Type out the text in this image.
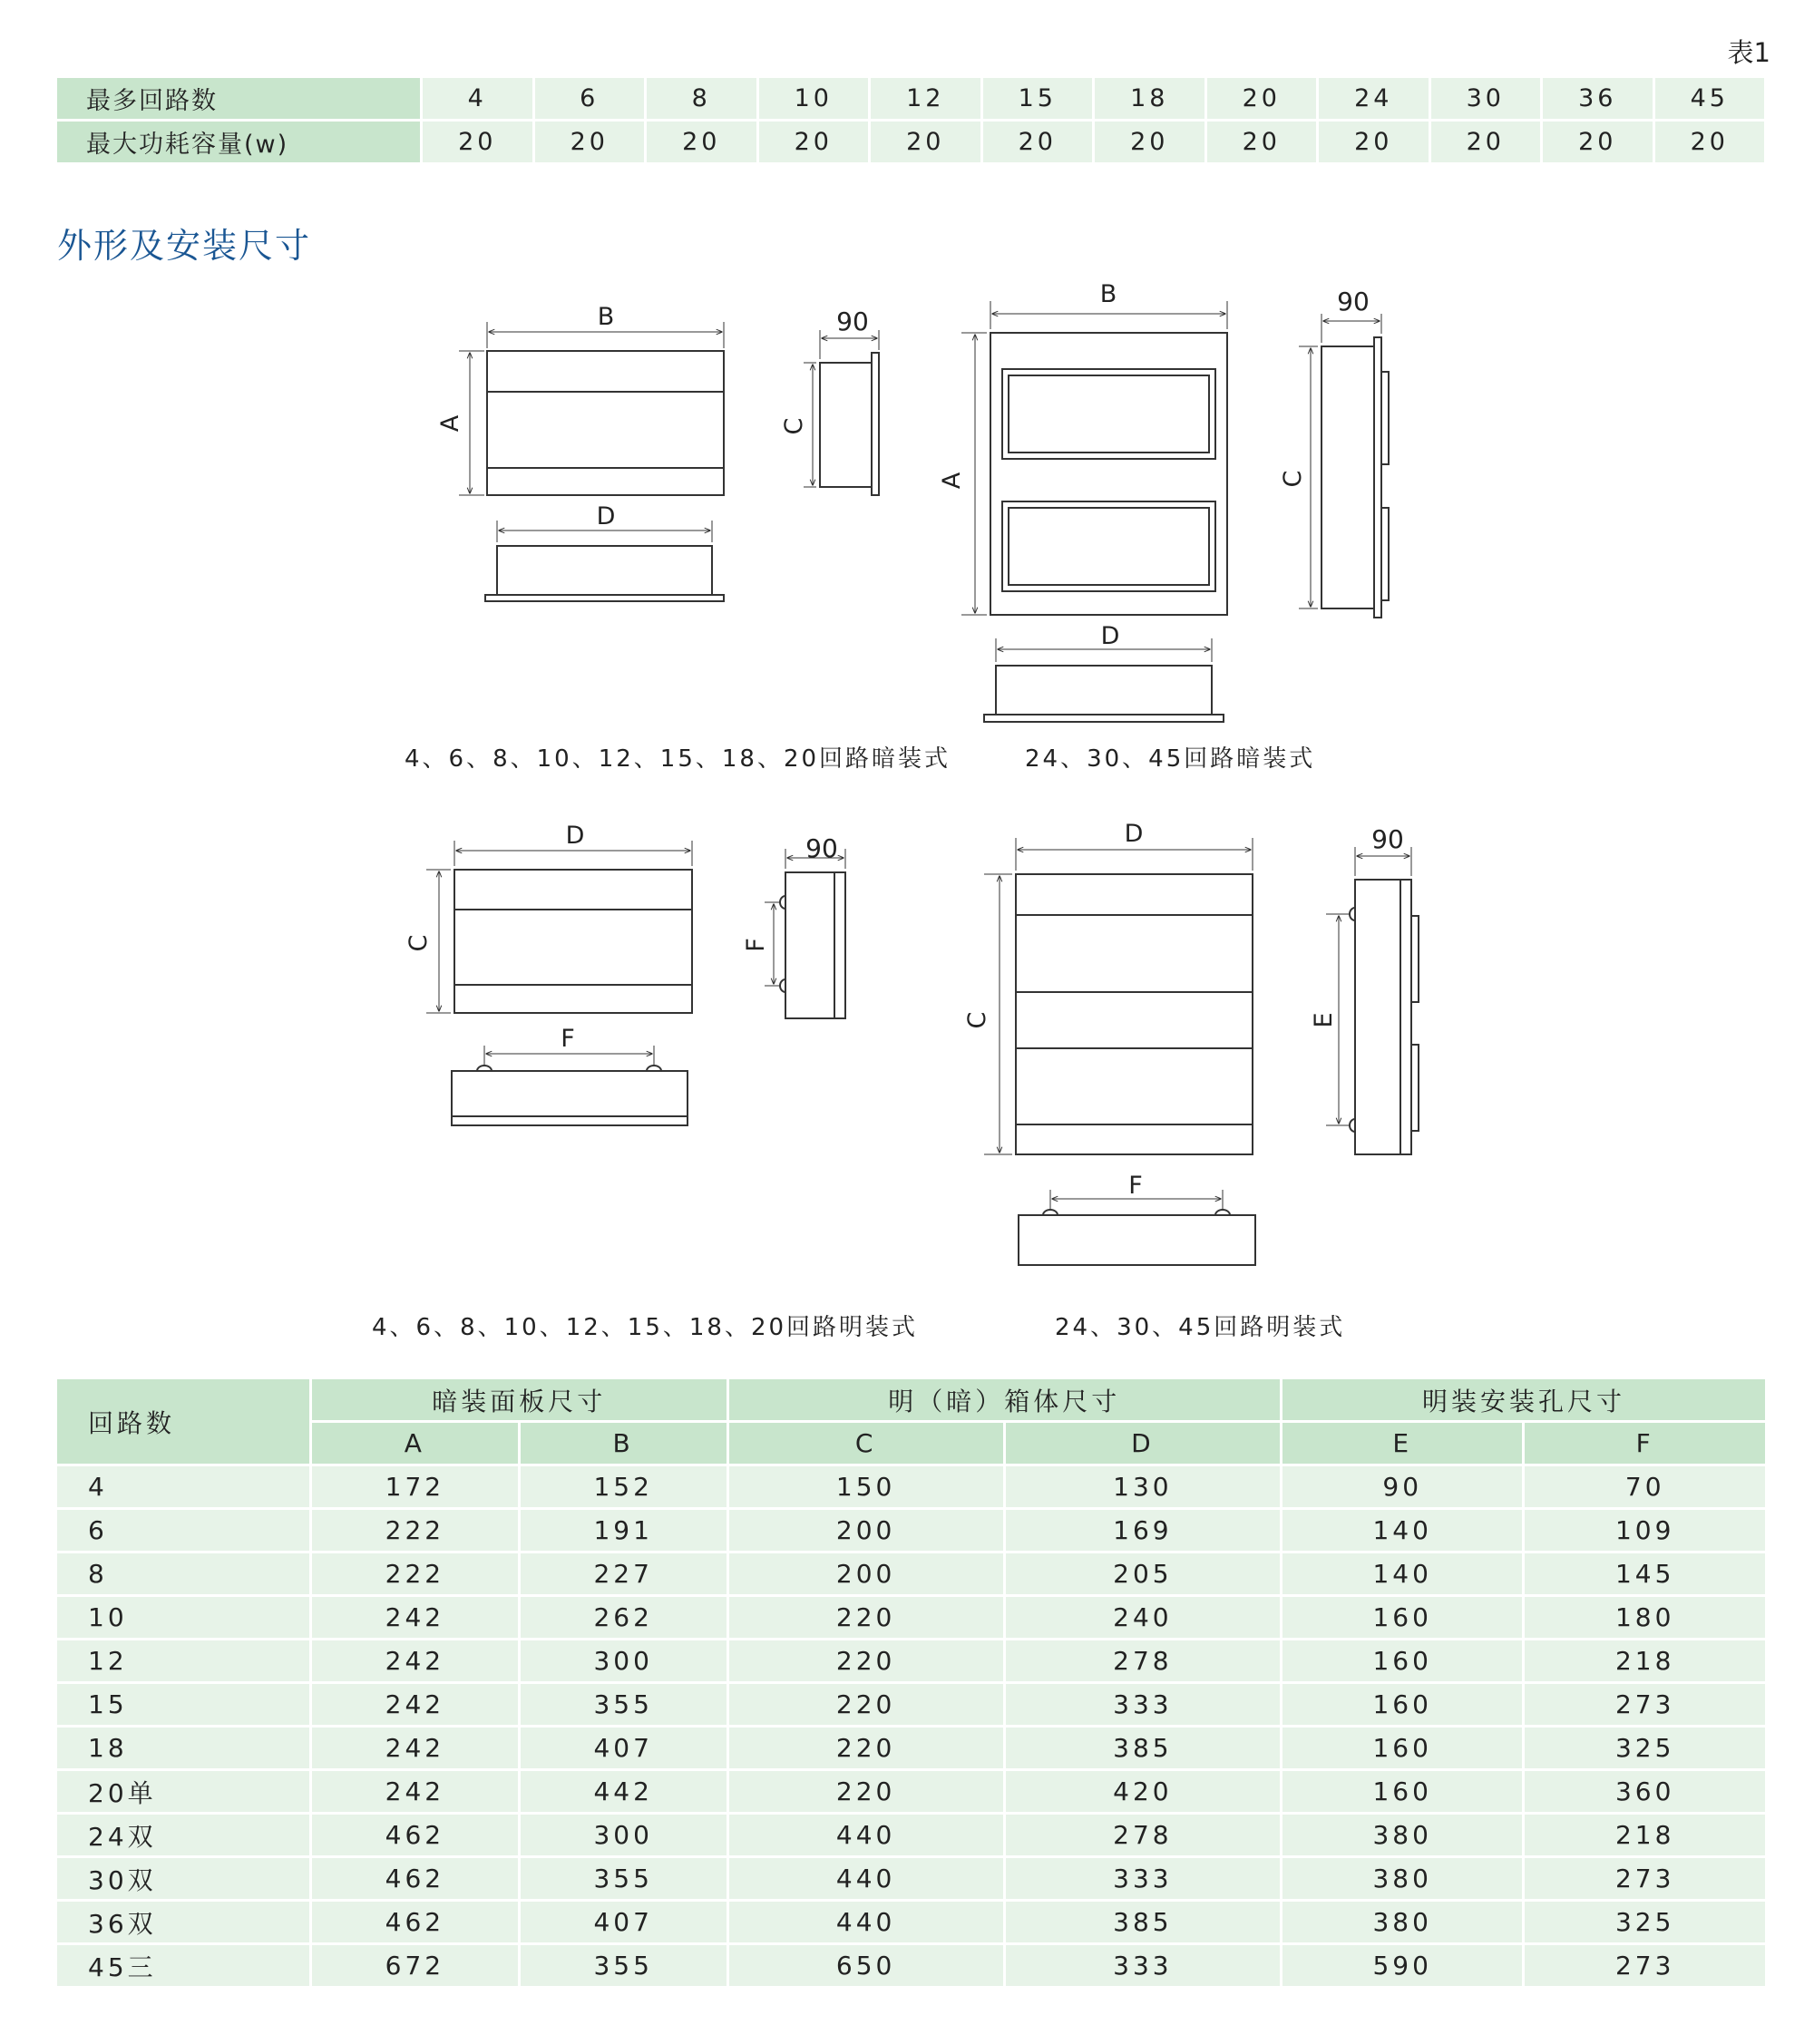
表1
最多回路数	4	6	8	10	12	15	18	20	24	30	36	45
最大功耗容量(w)	20	20	20	20	20	20	20	20	20	20	20	20
外形及安装尺寸
B
A
D
90
C
B
A
D
90
C
D
C
F
90
F
D
C
F
90
E
4、6、8、10、12、15、18、20回路暗装式	24、30、45回路暗装式
4、6、8、10、12、15、18、20回路明装式	24、30、45回路明装式
回路数	暗装面板尺寸		明（暗）箱体尺寸		明装安装孔尺寸	
	A	B	C	D	E	F
4	172	152	150	130	90	70
6	222	191	200	169	140	109
8	222	227	200	205	140	145
10	242	262	220	240	160	180
12	242	300	220	278	160	218
15	242	355	220	333	160	273
18	242	407	220	385	160	325
20单	242	442	220	420	160	360
24双	462	300	440	278	380	218
30双	462	355	440	333	380	273
36双	462	407	440	385	380	325
45三	672	355	650	333	590	273
